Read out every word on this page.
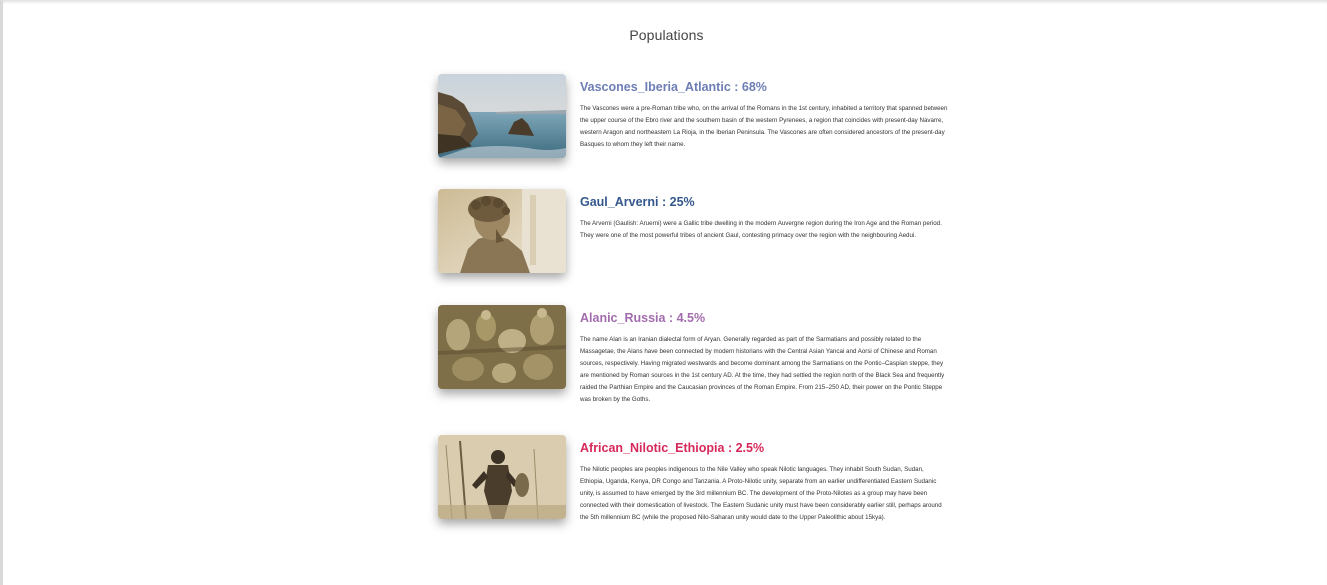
Populations
Vascones_Iberia_Atlantic : 68%

The Vascones were a pre-Roman tribe who, on the arrival of the Romans in the 1st century, inhabited a territory that spanned between the upper course of the Ebro river and the southern basin of the western Pyrenees, a region that coincides with present-day Navarre, western Aragon and northeastern La Rioja, in the Iberian Peninsula. The Vascones are often considered ancestors of the present-day Basques to whom they left their name.

Gaul_Arverni : 25%

The Arverni (Gaulish: Aruerni) were a Gallic tribe dwelling in the modern Auvergne region during the Iron Age and the Roman period. They were one of the most powerful tribes of ancient Gaul, contesting primacy over the region with the neighbouring Aedui.

Alanic_Russia : 4.5%

The name Alan is an Iranian dialectal form of Aryan. Generally regarded as part of the Sarmatians and possibly related to the Massagetae, the Alans have been connected by modern historians with the Central Asian Yancai and Aorsi of Chinese and Roman sources, respectively. Having migrated westwards and become dominant among the Sarmatians on the Pontic–Caspian steppe, they are mentioned by Roman sources in the 1st century AD. At the time, they had settled the region north of the Black Sea and frequently raided the Parthian Empire and the Caucasian provinces of the Roman Empire. From 215–250 AD, their power on the Pontic Steppe was broken by the Goths.

African_Nilotic_Ethiopia : 2.5%

The Nilotic peoples are peoples indigenous to the Nile Valley who speak Nilotic languages. They inhabit South Sudan, Sudan, Ethiopia, Uganda, Kenya, DR Congo and Tanzania. A Proto-Nilotic unity, separate from an earlier undifferentiated Eastern Sudanic unity, is assumed to have emerged by the 3rd millennium BC. The development of the Proto-Nilotes as a group may have been connected with their domestication of livestock. The Eastern Sudanic unity must have been considerably earlier still, perhaps around the 5th millennium BC (while the proposed Nilo-Saharan unity would date to the Upper Paleolithic about 15kya).
